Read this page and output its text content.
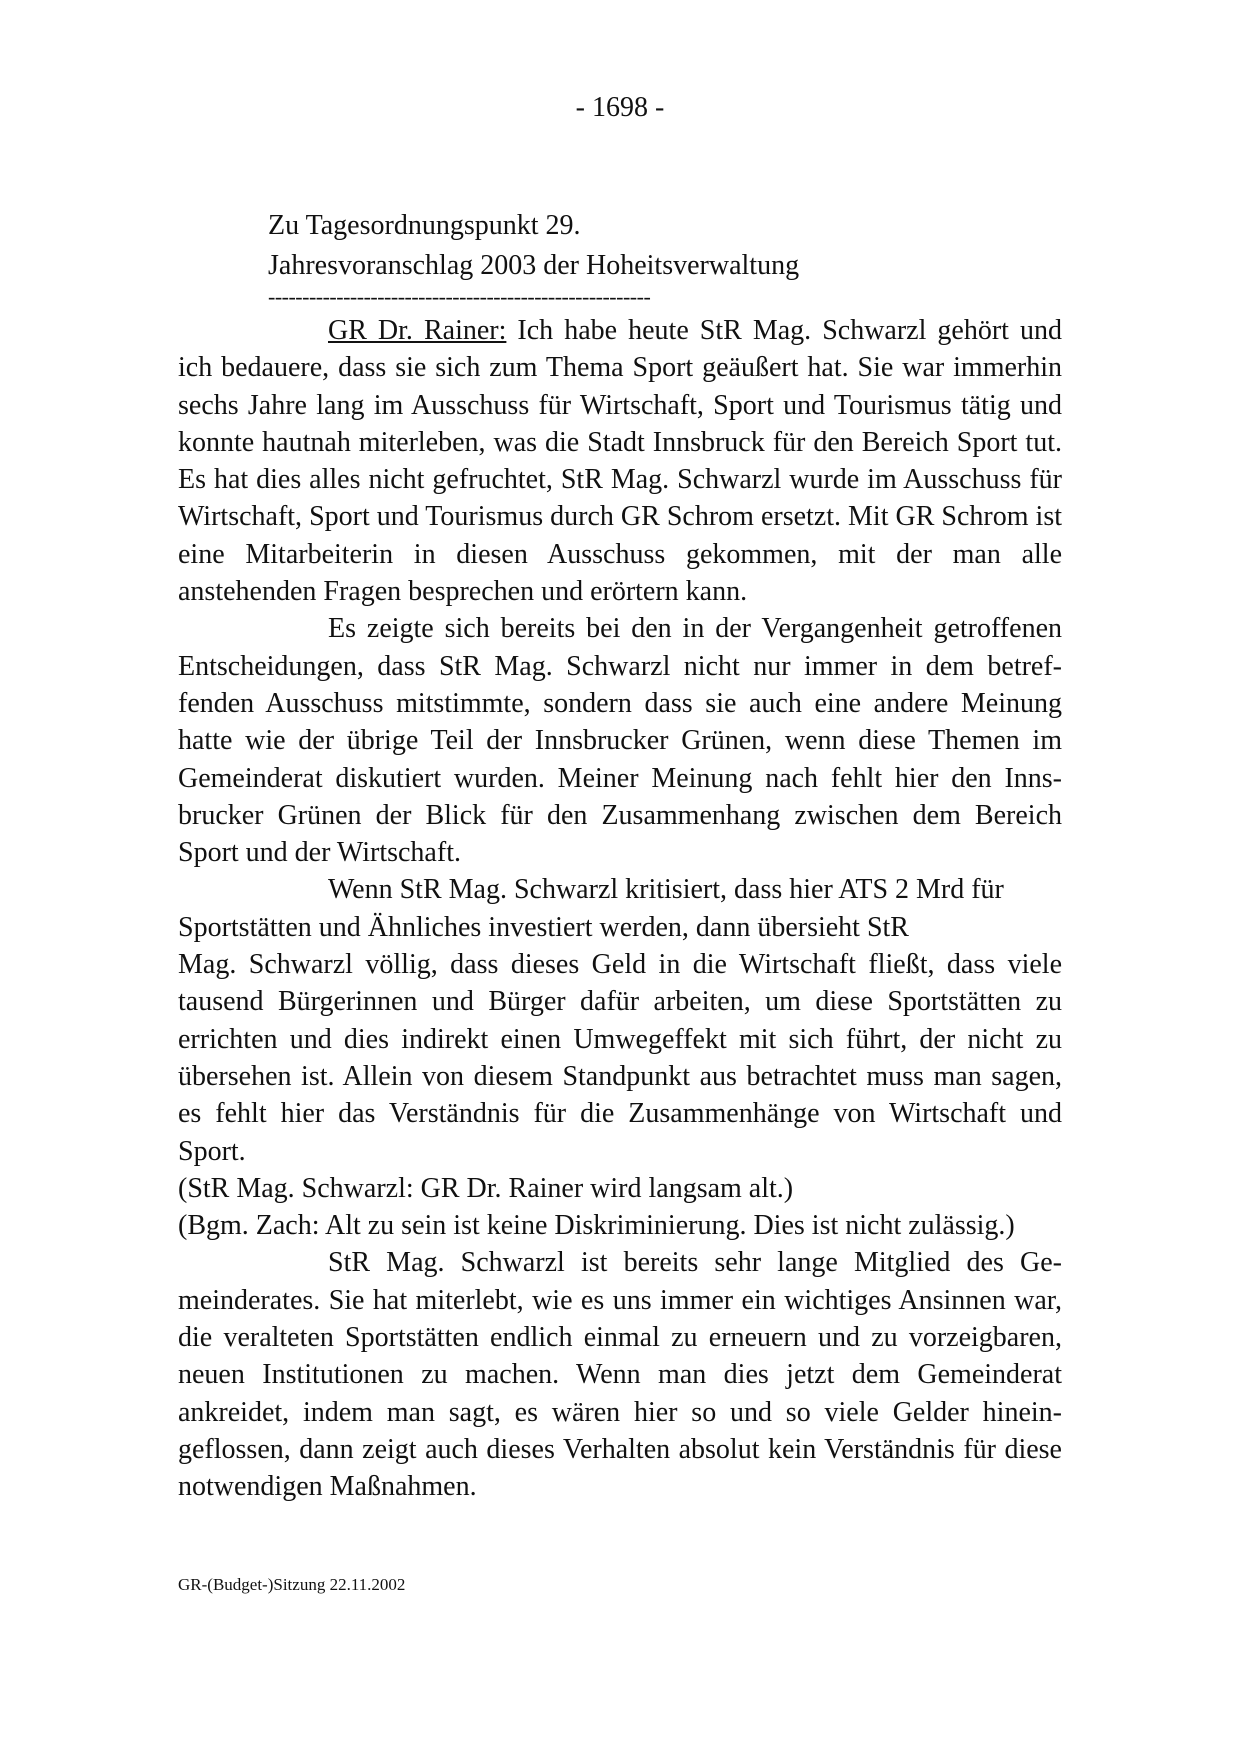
- 1698 -
Zu Tagesordnungspunkt 29.
Jahresvoranschlag 2003 der Hoheitsverwaltung
--------------------------------------------------------

GR Dr. Rainer: Ich habe heute StR Mag. Schwarzl gehört und ich bedauere, dass sie sich zum Thema Sport geäußert hat. Sie war immerhin sechs Jahre lang im Ausschuss für Wirtschaft, Sport und Tourismus tätig und konnte hautnah miterleben, was die Stadt Innsbruck für den Bereich Sport tut. Es hat dies alles nicht gefruchtet, StR Mag. Schwarzl wurde im Ausschuss für Wirtschaft, Sport und Tourismus durch GR Schrom ersetzt. Mit GR Schrom ist eine Mitarbeiterin in diesen Ausschuss gekommen, mit der man alle anstehenden Fragen besprechen und erörtern kann.

Es zeigte sich bereits bei den in der Vergangenheit getroffenen Entscheidungen, dass StR Mag. Schwarzl nicht nur immer in dem betreffenden Ausschuss mitstimmte, sondern dass sie auch eine andere Meinung hatte wie der übrige Teil der Innsbrucker Grünen, wenn diese Themen im Gemeinderat diskutiert wurden. Meiner Meinung nach fehlt hier den Innsbrucker Grünen der Blick für den Zusammenhang zwischen dem Bereich Sport und der Wirtschaft.

Wenn StR Mag. Schwarzl kritisiert, dass hier ATS 2 Mrd für Sportstätten und Ähnliches investiert werden, dann übersieht StR

Mag. Schwarzl völlig, dass dieses Geld in die Wirtschaft fließt, dass viele tausend Bürgerinnen und Bürger dafür arbeiten, um diese Sportstätten zu errichten und dies indirekt einen Umwegeffekt mit sich führt, der nicht zu übersehen ist. Allein von diesem Standpunkt aus betrachtet muss man sagen, es fehlt hier das Verständnis für die Zusammenhänge von Wirtschaft und Sport.

(StR Mag. Schwarzl: GR Dr. Rainer wird langsam alt.)

(Bgm. Zach: Alt zu sein ist keine Diskriminierung. Dies ist nicht zulässig.)

StR Mag. Schwarzl ist bereits sehr lange Mitglied des Gemeinderates. Sie hat miterlebt, wie es uns immer ein wichtiges Ansinnen war, die veralteten Sportstätten endlich einmal zu erneuern und zu vorzeigbaren, neuen Institutionen zu machen. Wenn man dies jetzt dem Gemeinderat ankreidet, indem man sagt, es wären hier so und so viele Gelder hineingeflossen, dann zeigt auch dieses Verhalten absolut kein Verständnis für diese notwendigen Maßnahmen.

GR-(Budget-)Sitzung 22.11.2002
